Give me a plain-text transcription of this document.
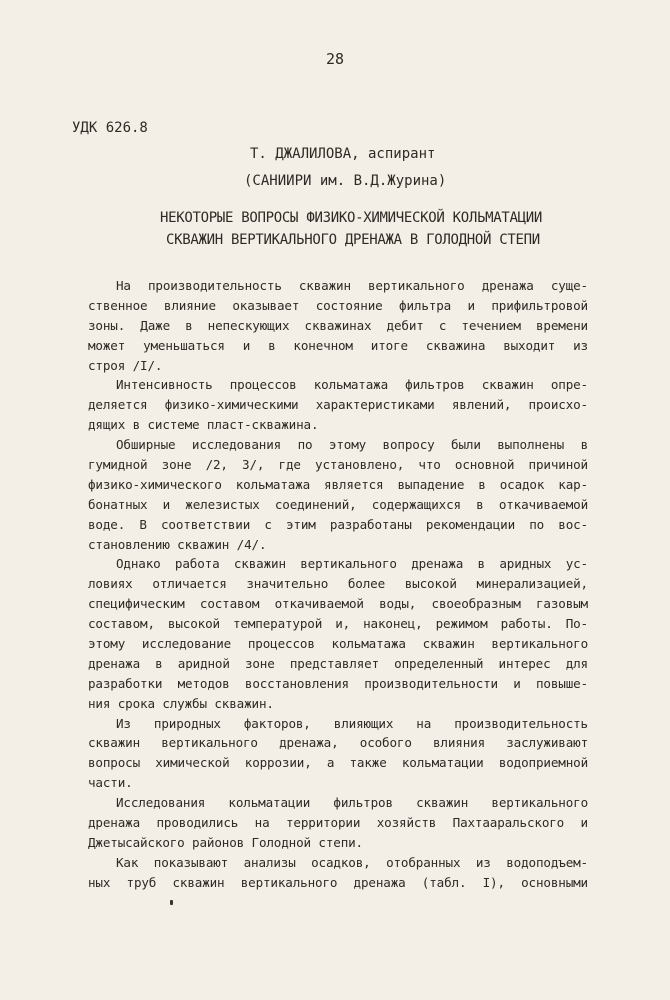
28
УДК 626.8
Т. ДЖАЛИЛОВА, аспирант
(САНИИРИ им. В.Д.Журина)
НЕКОТОРЫЕ ВОПРОСЫ ФИЗИКО-ХИМИЧЕСКОЙ КОЛЬМАТАЦИИ
СКВАЖИН ВЕРТИКАЛЬНОГО ДРЕНАЖА В ГОЛОДНОЙ СТЕПИ
На производительность скважин вертикального дренажа суще-
ственное влияние оказывает состояние фильтра и прифильтровой
зоны. Даже в непескующих скважинах дебит с течением времени
может уменьшаться и в конечном итоге скважина выходит из
строя /I/.
Интенсивность процессов кольматажа фильтров скважин опре-
деляется физико-химическими характеристиками явлений, происхо-
дящих в системе пласт-скважина.
Обширные исследования по этому вопросу были выполнены в
гумидной зоне /2, 3/, где установлено, что основной причиной
физико-химического кольматажа является выпадение в осадок кар-
бонатных и железистых соединений, содержащихся в откачиваемой
воде. В соответствии с этим разработаны рекомендации по вос-
становлению скважин /4/.
Однако работа скважин вертикального дренажа в аридных ус-
ловиях отличается значительно более высокой минерализацией,
специфическим составом откачиваемой воды, своеобразным газовым
составом, высокой температурой и, наконец, режимом работы. По-
этому исследование процессов кольматажа скважин вертикального
дренажа в аридной зоне представляет определенный интерес для
разработки методов восстановления производительности и повыше-
ния срока службы скважин.
Из природных факторов, влияющих на производительность
скважин вертикального дренажа, особого влияния заслуживают
вопросы химической коррозии, а также кольматации водоприемной
части.
Исследования кольматации фильтров скважин вертикального
дренажа проводились на территории хозяйств Пахтааральского и
Джетысайского районов Голодной степи.
Как показывают анализы осадков, отобранных из водоподъем-
ных труб скважин вертикального дренажа (табл. I), основными
